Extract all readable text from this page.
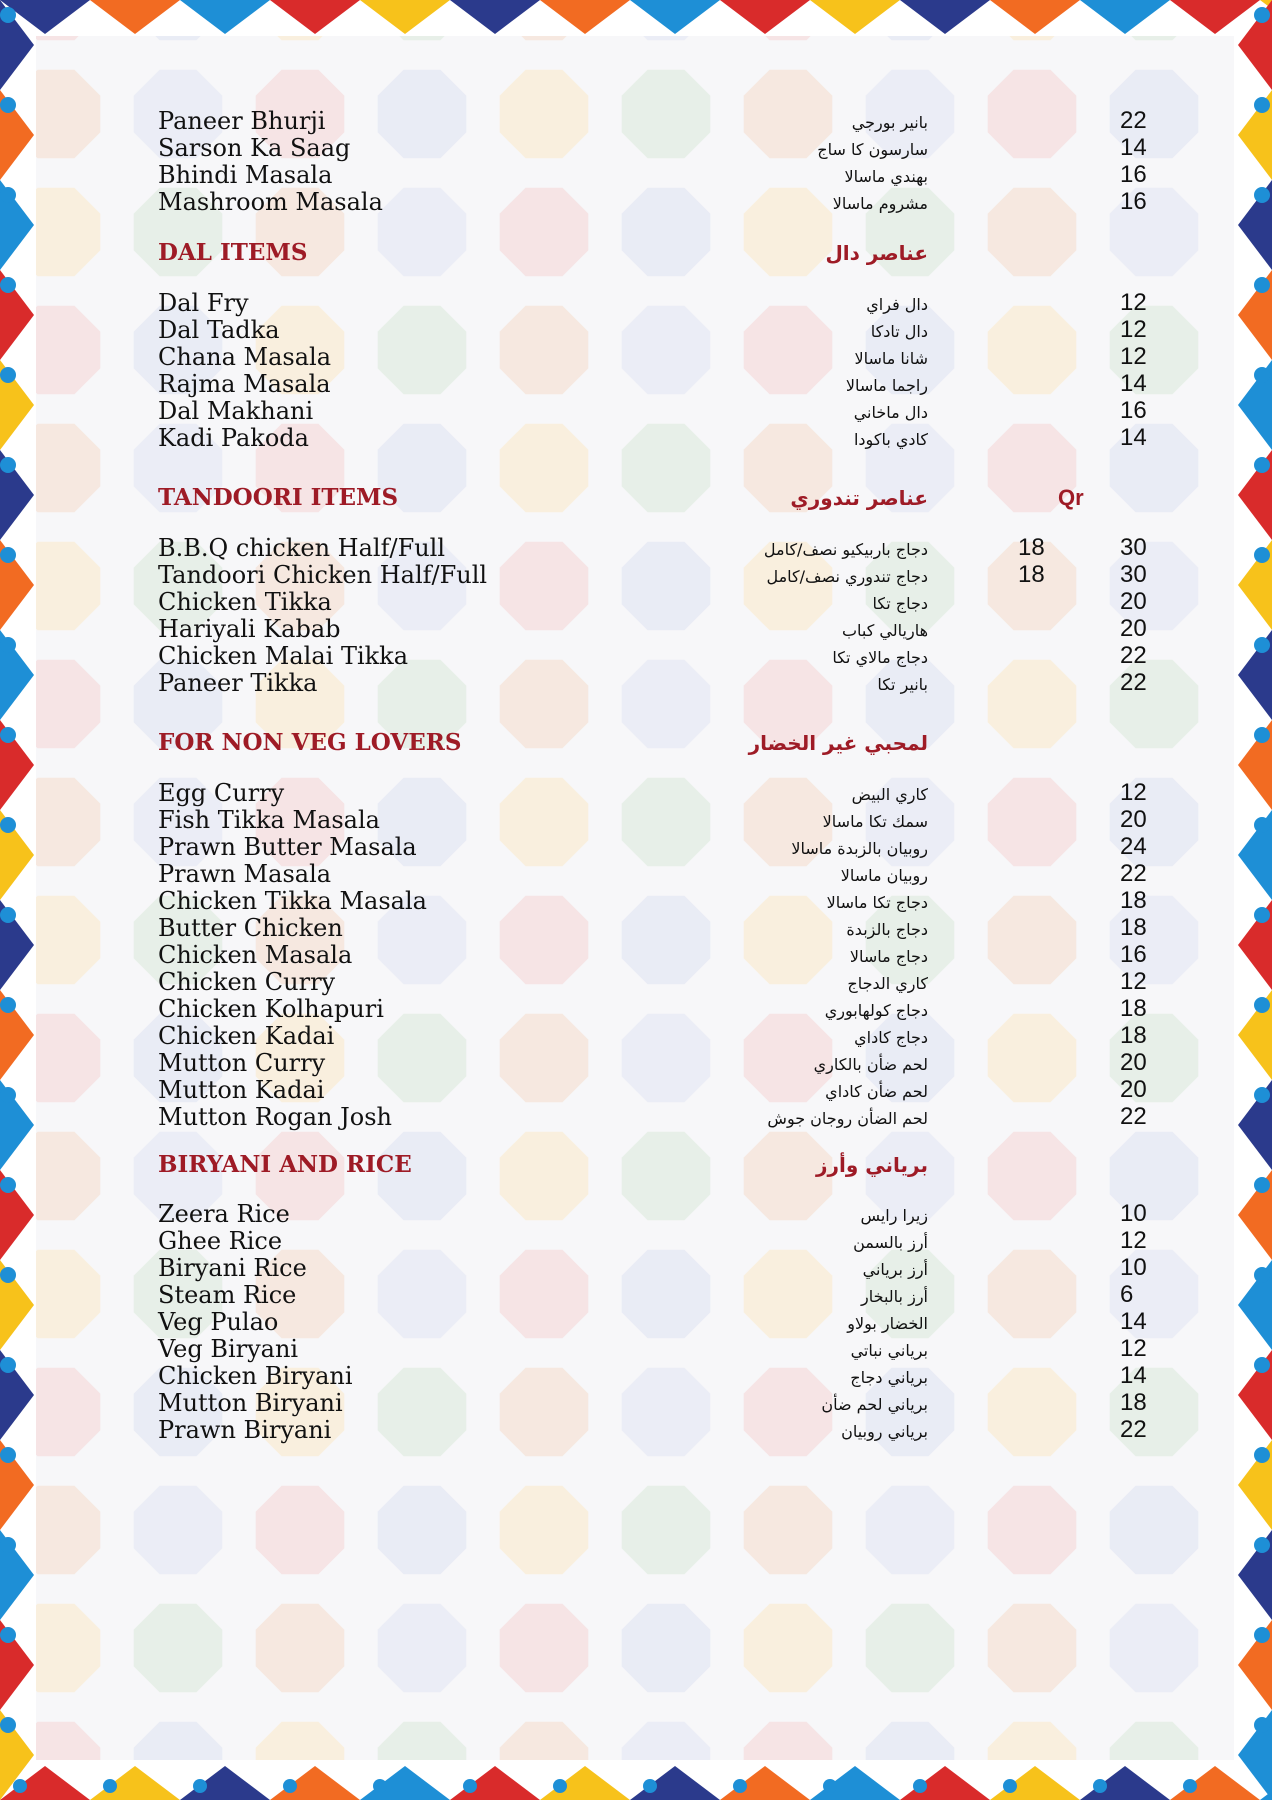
Paneer Bhurji	بانير بورجي	22
Sarson Ka Saag	سارسون كا ساج	14
Bhindi Masala	بهندي ماسالا	16
Mashroom Masala	مشروم ماسالا	16
DAL ITEMS	عناصر دال
Dal Fry	دال فراي	12
Dal Tadka	دال تادكا	12
Chana Masala	شانا ماسالا	12
Rajma Masala	راجما ماسالا	14
Dal Makhani	دال ماخاني	16
Kadi Pakoda	كادي باكودا	14
TANDOORI ITEMS	عناصر تندوري	Qr
B.B.Q chicken Half/Full	دجاج باربيكيو نصف/كامل	18	30
Tandoori Chicken Half/Full	دجاج تندوري نصف/كامل	18	30
Chicken Tikka	دجاج تكا	20
Hariyali Kabab	هاريالي كباب	20
Chicken Malai Tikka	دجاج مالاي تكا	22
Paneer Tikka	بانير تكا	22
FOR NON VEG LOVERS	لمحبي غير الخضار
Egg Curry	كاري البيض	12
Fish Tikka Masala	سمك تكا ماسالا	20
Prawn Butter Masala	روبيان بالزبدة ماسالا	24
Prawn Masala	روبيان ماسالا	22
Chicken Tikka Masala	دجاج تكا ماسالا	18
Butter Chicken	دجاج بالزبدة	18
Chicken Masala	دجاج ماسالا	16
Chicken Curry	كاري الدجاج	12
Chicken Kolhapuri	دجاج كولهابوري	18
Chicken Kadai	دجاج كاداي	18
Mutton Curry	لحم ضأن بالكاري	20
Mutton Kadai	لحم ضأن كاداي	20
Mutton Rogan Josh	لحم الضأن روجان جوش	22
BIRYANI AND RICE	برياني وأرز
Zeera Rice	زيرا رايس	10
Ghee Rice	أرز بالسمن	12
Biryani Rice	أرز برياني	10
Steam Rice	أرز بالبخار	6
Veg Pulao	الخضار بولاو	14
Veg Biryani	برياني نباتي	12
Chicken Biryani	برياني دجاج	14
Mutton Biryani	برياني لحم ضأن	18
Prawn Biryani	برياني روبيان	22
